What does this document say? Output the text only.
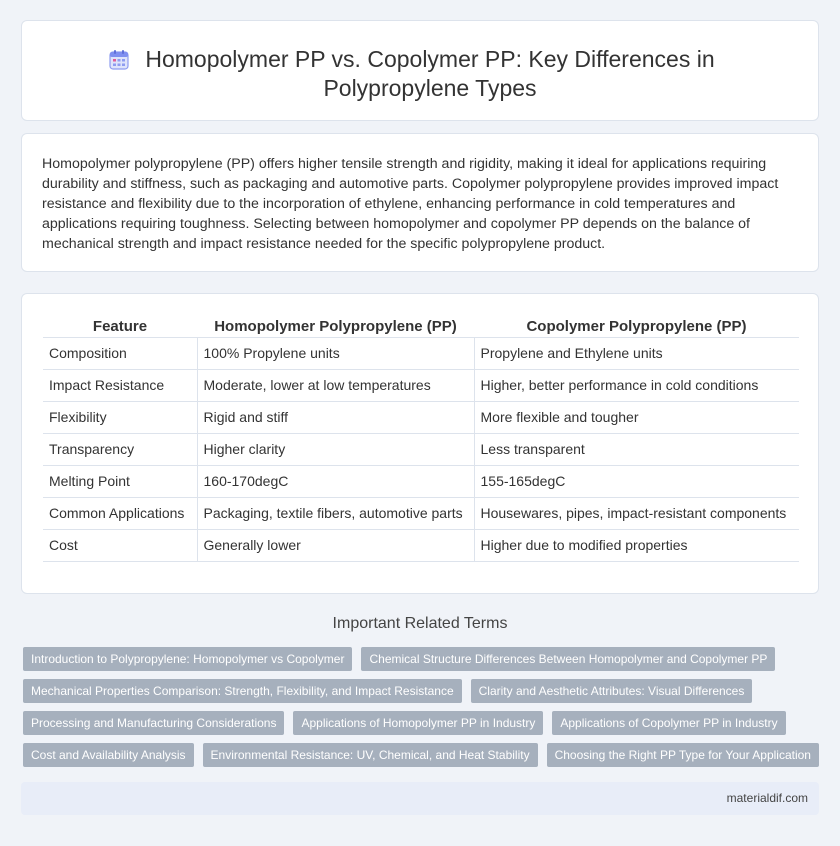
Homopolymer PP vs. Copolymer PP: Key Differences in Polypropylene Types

Homopolymer polypropylene (PP) offers higher tensile strength and rigidity, making it ideal for applications requiring durability and stiffness, such as packaging and automotive parts. Copolymer polypropylene provides improved impact resistance and flexibility due to the incorporation of ethylene, enhancing performance in cold temperatures and applications requiring toughness. Selecting between homopolymer and copolymer PP depends on the balance of mechanical strength and impact resistance needed for the specific polypropylene product.

Feature	Homopolymer Polypropylene (PP)	Copolymer Polypropylene (PP)
Composition	100% Propylene units	Propylene and Ethylene units
Impact Resistance	Moderate, lower at low temperatures	Higher, better performance in cold conditions
Flexibility	Rigid and stiff	More flexible and tougher
Transparency	Higher clarity	Less transparent
Melting Point	160-170degC	155-165degC
Common Applications	Packaging, textile fibers, automotive parts	Housewares, pipes, impact-resistant components
Cost	Generally lower	Higher due to modified properties
Important Related Terms
Introduction to Polypropylene: Homopolymer vs Copolymer	Chemical Structure Differences Between Homopolymer and Copolymer PP
Mechanical Properties Comparison: Strength, Flexibility, and Impact Resistance	Clarity and Aesthetic Attributes: Visual Differences
Processing and Manufacturing Considerations	Applications of Homopolymer PP in Industry	Applications of Copolymer PP in Industry
Cost and Availability Analysis	Environmental Resistance: UV, Chemical, and Heat Stability	Choosing the Right PP Type for Your Application
materialdif.com
